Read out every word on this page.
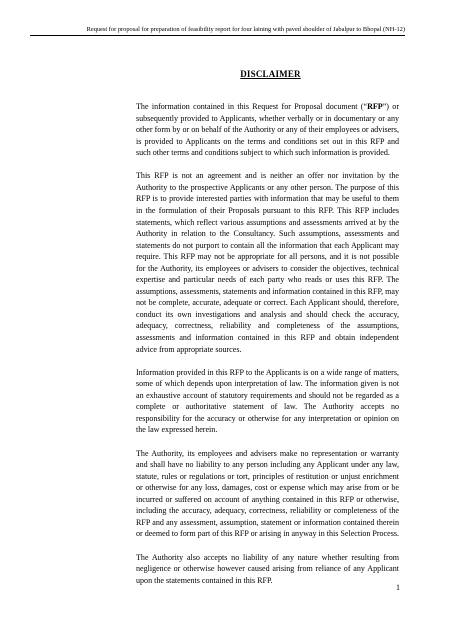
Request for proposal for preparation of feasibility report for four laining with paved shoulder of Jabalpur to Bhopal (NH-12)
DISCLAIMER

The information contained in this Request for Proposal document (“RFP”) or subsequently provided to Applicants, whether verbally or in documentary or any other form by or on behalf of the Authority or any of their employees or advisers, is provided to Applicants on the terms and conditions set out in this RFP and such other terms and conditions subject to which such information is provided.

This RFP is not an agreement and is neither an offer nor invitation by the Authority to the prospective Applicants or any other person. The purpose of this RFP is to provide interested parties with information that may be useful to them in the formulation of their Proposals pursuant to this RFP. This RFP includes statements, which reflect various assumptions and assessments arrived at by the Authority in relation to the Consultancy. Such assumptions, assessments and statements do not purport to contain all the information that each Applicant may require. This RFP may not be appropriate for all persons, and it is not possible for the Authority, its employees or advisers to consider the objectives, technical expertise and particular needs of each party who reads or uses this RFP. The assumptions, assessments, statements and information contained in this RFP, may not be complete, accurate, adequate or correct. Each Applicant should, therefore, conduct its own investigations and analysis and should check the accuracy, adequacy, correctness, reliability and completeness of the assumptions, assessments and information contained in this RFP and obtain independent advice from appropriate sources.

Information provided in this RFP to the Applicants is on a wide range of matters, some of which depends upon interpretation of law. The information given is not an exhaustive account of statutory requirements and should not be regarded as a complete or authoritative statement of law. The Authority accepts no responsibility for the accuracy or otherwise for any interpretation or opinion on the law expressed herein.

The Authority, its employees and advisers make no representation or warranty and shall have no liability to any person including any Applicant under any law, statute, rules or regulations or tort, principles of restitution or unjust enrichment or otherwise for any loss, damages, cost or expense which may arise from or be incurred or suffered on account of anything contained in this RFP or otherwise, including the accuracy, adequacy, correctness, reliability or completeness of the RFP and any assessment, assumption, statement or information contained therein or deemed to form part of this RFP or arising in anyway in this Selection Process.

The Authority also accepts no liability of any nature whether resulting from negligence or otherwise however caused arising from reliance of any Applicant upon the statements contained in this RFP.

1
